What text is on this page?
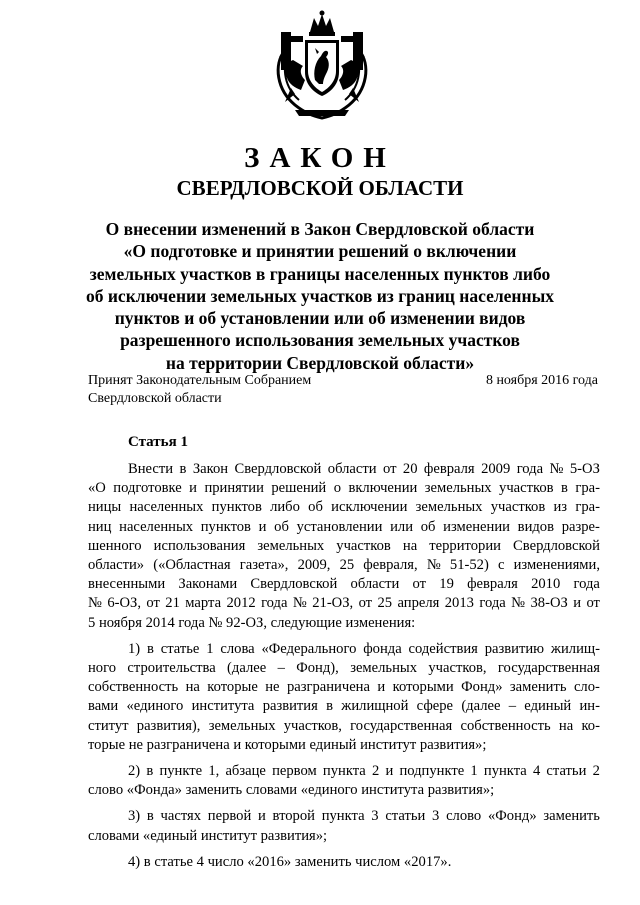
ЗАКОН
СВЕРДЛОВСКОЙ ОБЛАСТИ
О внесении изменений в Закон Свердловской области
«О подготовке и принятии решений о включении
земельных участков в границы населенных пунктов либо
об исключении земельных участков из границ населенных
пунктов и об установлении или об изменении видов
разрешенного использования земельных участков
на территории Свердловской области»
Принят Законодательным Собранием
Свердловской области
8 ноября 2016 года
Статья 1
Внести в Закон Свердловской области от 20 февраля 2009 года № 5-ОЗ
«О подготовке и принятии решений о включении земельных участков в гра-
ницы населенных пунктов либо об исключении земельных участков из гра-
ниц населенных пунктов и об установлении или об изменении видов разре-
шенного использования земельных участков на территории Свердловской
области» («Областная газета», 2009, 25 февраля, № 51-52) с изменениями,
внесенными Законами Свердловской области от 19 февраля 2010 года
№ 6-ОЗ, от 21 марта 2012 года № 21-ОЗ, от 25 апреля 2013 года № 38-ОЗ и от
5 ноября 2014 года № 92-ОЗ, следующие изменения:
1) в статье 1 слова «Федерального фонда содействия развитию жилищ-
ного строительства (далее – Фонд), земельных участков, государственная
собственность на которые не разграничена и которыми Фонд» заменить сло-
вами «единого института развития в жилищной сфере (далее – единый ин-
ститут развития), земельных участков, государственная собственность на ко-
торые не разграничена и которыми единый институт развития»;
2) в пункте 1, абзаце первом пункта 2 и подпункте 1 пункта 4 статьи 2
слово «Фонда» заменить словами «единого института развития»;
3) в частях первой и второй пункта 3 статьи 3 слово «Фонд» заменить
словами «единый институт развития»;
4) в статье 4 число «2016» заменить числом «2017».
